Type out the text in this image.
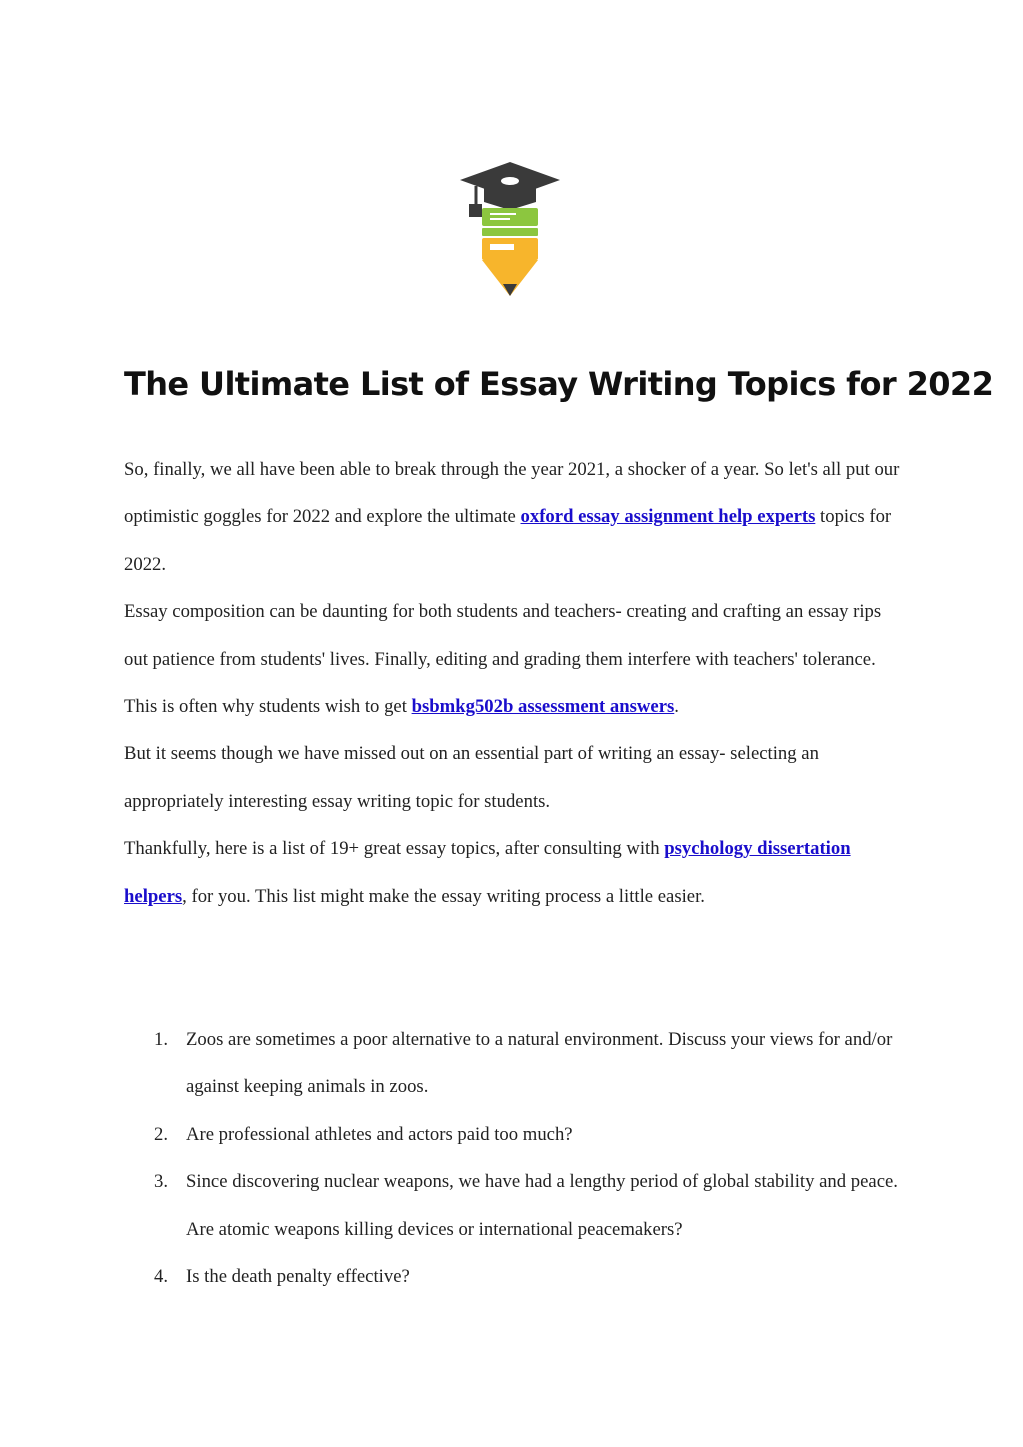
The Ultimate List of Essay Writing Topics for 2022

So, finally, we all have been able to break through the year 2021, a shocker of a year. So let's all put our optimistic goggles for 2022 and explore the ultimate oxford essay assignment help experts topics for 2022.

Essay composition can be daunting for both students and teachers- creating and crafting an essay rips out patience from students' lives. Finally, editing and grading them interfere with teachers' tolerance. This is often why students wish to get bsbmkg502b assessment answers.

But it seems though we have missed out on an essential part of writing an essay- selecting an appropriately interesting essay writing topic for students.

Thankfully, here is a list of 19+ great essay topics, after consulting with psychology dissertation helpers, for you. This list might make the essay writing process a little easier.

1. Zoos are sometimes a poor alternative to a natural environment. Discuss your views for and/or against keeping animals in zoos.
2. Are professional athletes and actors paid too much?
3. Since discovering nuclear weapons, we have had a lengthy period of global stability and peace. Are atomic weapons killing devices or international peacemakers?
4. Is the death penalty effective?
